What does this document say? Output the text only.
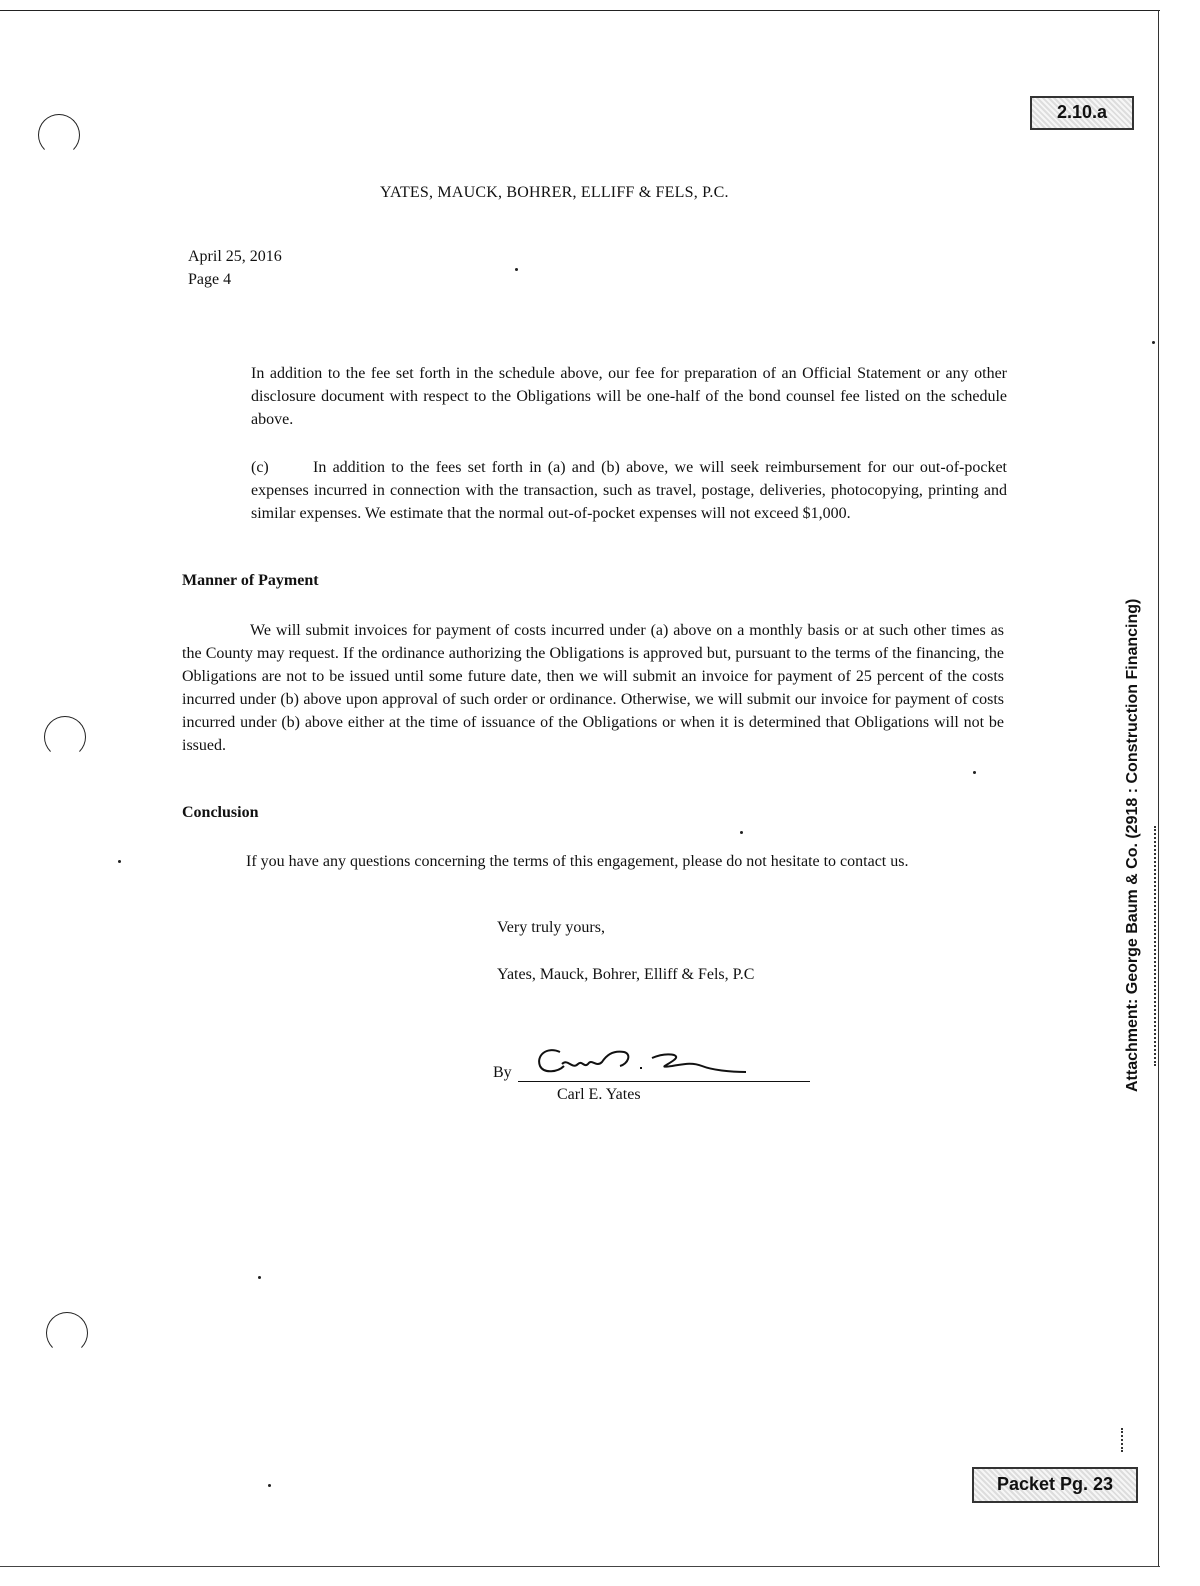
2.10.a
Packet Pg. 23
Attachment: George Baum & Co. (2918 : Construction Financing)
YATES, MAUCK, BOHRER, ELLIFF & FELS, P.C.
April 25, 2016
Page 4
In addition to the fee set forth in the schedule above, our fee for preparation of an Official Statement or any other disclosure document with respect to the Obligations will be one-half of the bond counsel fee listed on the schedule above.
(c)	In addition to the fees set forth in (a) and (b) above, we will seek reimbursement for our out-of-pocket expenses incurred in connection with the transaction, such as travel, postage, deliveries, photocopying, printing and similar expenses. We estimate that the normal out-of-pocket expenses will not exceed $1,000.
Manner of Payment
We will submit invoices for payment of costs incurred under (a) above on a monthly basis or at such other times as the County may request. If the ordinance authorizing the Obligations is approved but, pursuant to the terms of the financing, the Obligations are not to be issued until some future date, then we will submit an invoice for payment of 25 percent of the costs incurred under (b) above upon approval of such order or ordinance. Otherwise, we will submit our invoice for payment of costs incurred under (b) above either at the time of issuance of the Obligations or when it is determined that Obligations will not be issued.
Conclusion
If you have any questions concerning the terms of this engagement, please do not hesitate to contact us.
Very truly yours,
Yates, Mauck, Bohrer, Elliff & Fels, P.C
By
Carl E. Yates
